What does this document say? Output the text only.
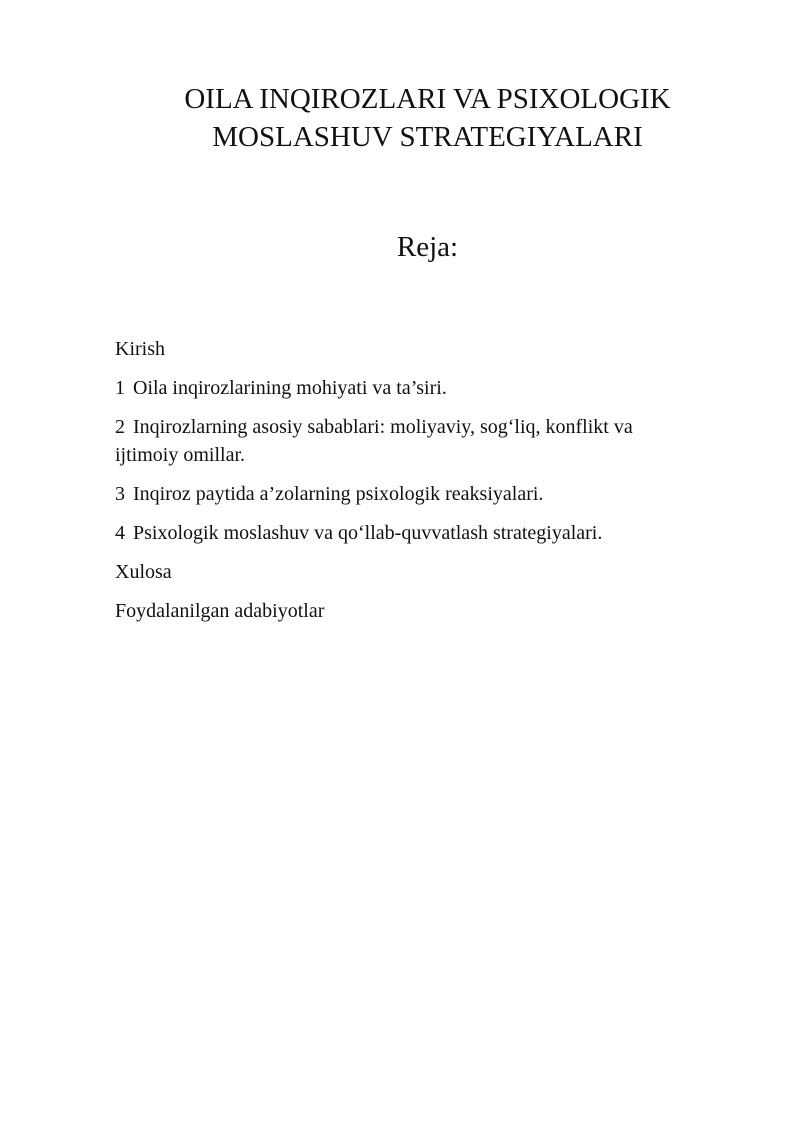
OILA INQIROZLARI VA PSIXOLOGIK
MOSLASHUV STRATEGIYALARI
Reja:
Kirish
1 Oila inqirozlarining mohiyati va ta’siri.
2 Inqirozlarning asosiy sabablari: moliyaviy, sog‘liq, konflikt va ijtimoiy omillar.
3 Inqiroz paytida a’zolarning psixologik reaksiyalari.
4 Psixologik moslashuv va qo‘llab-quvvatlash strategiyalari.
Xulosa
Foydalanilgan adabiyotlar
